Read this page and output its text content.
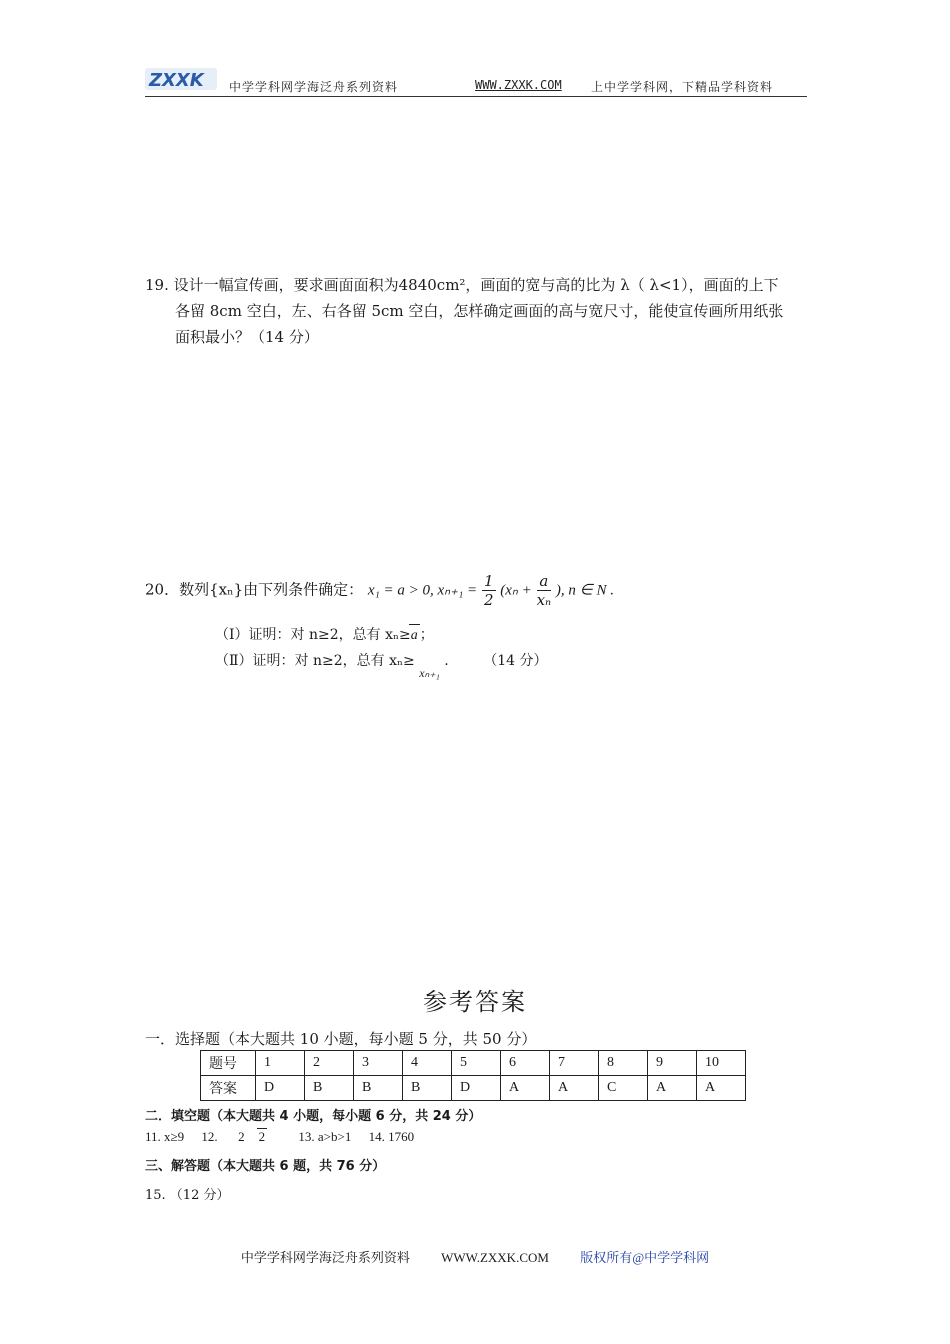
ZXXK 中学学科网学海泛舟系列资料	WWW.ZXXK.COM 上中学学科网，下精品学科资料
19. 设计一幅宣传画，要求画面面积为4840cm²，画面的宽与高的比为 λ（ λ<1），画面的上下
各留 8cm 空白，左、右各留 5cm 空白，怎样确定画面的高与宽尺寸，能使宣传画所用纸张
面积最小？（14 分）
20．数列{xₙ}由下列条件确定： x₁ = a > 0, $x_{n+1} = \frac{1}{2} (x_n + \frac{a}{\text{xₙ}}$ ), n ∈ N .
（Ⅰ）证明：对 n≥2，总有 xₙ≥a ；
（Ⅱ）证明：对 n≥2，总有 xₙ≥ xₙ₊₁ . （14 分）
参考答案
一．选择题（本大题共 10 小题，每小题 5 分，共 50 分）
题号	1	2	3	4	5	6	7	8	9	10
答案	D	B	B	B	D	A	A	C	A	A
二．填空题（本大题共 4 小题，每小题 6 分，共 24 分）
11. x≥9 12. 2 2	13. a>b>1 14. 1760
三、解答题（本大题共 6 题，共 76 分）
15. （12 分）
中学学科网学海泛舟系列资料 WWW.ZXXK.COM 版权所有@中学学科网
